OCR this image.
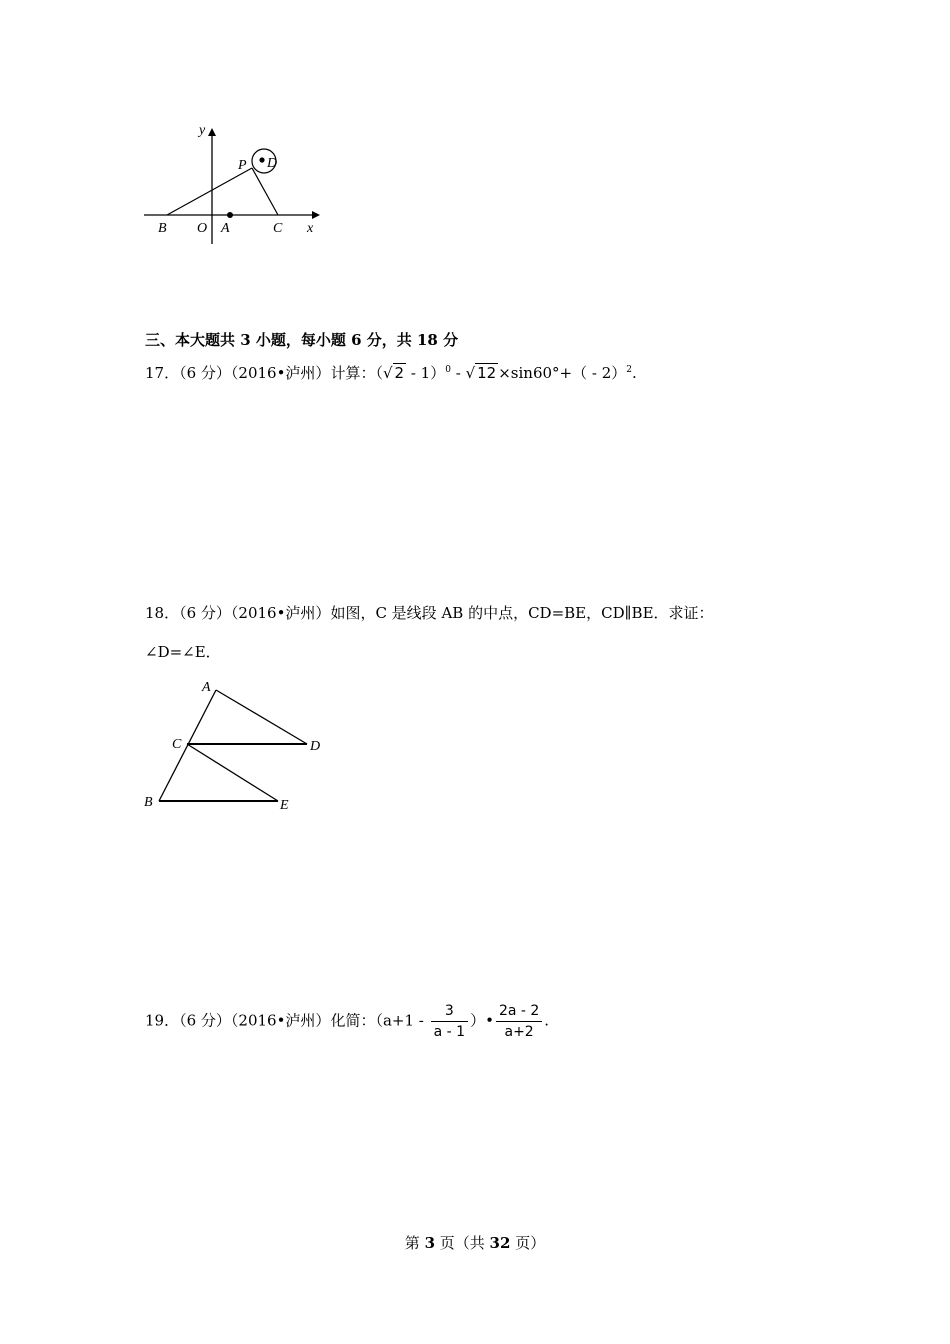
y
x
P D
B O A	C
三、本大题共 3 小题，每小题 6 分，共 18 分
17．（6 分）（2016•泸州）计算：（√ 2 - 1）$^0$ - √ 12 ×sin60°+（ - 2）$^2$.
18．（6 分）（2016•泸州）如图，C 是线段 AB 的中点，CD=BE，CD∥BE．求证：
∠D=∠E．
A
C	D
B	E
19．（6 分）（2016•泸州）化简：（$a+1 - \frac{3}{a - 1}$ ）• $\frac{2a - 2}{a+2}$ .
第 3 页（共 32 页）
